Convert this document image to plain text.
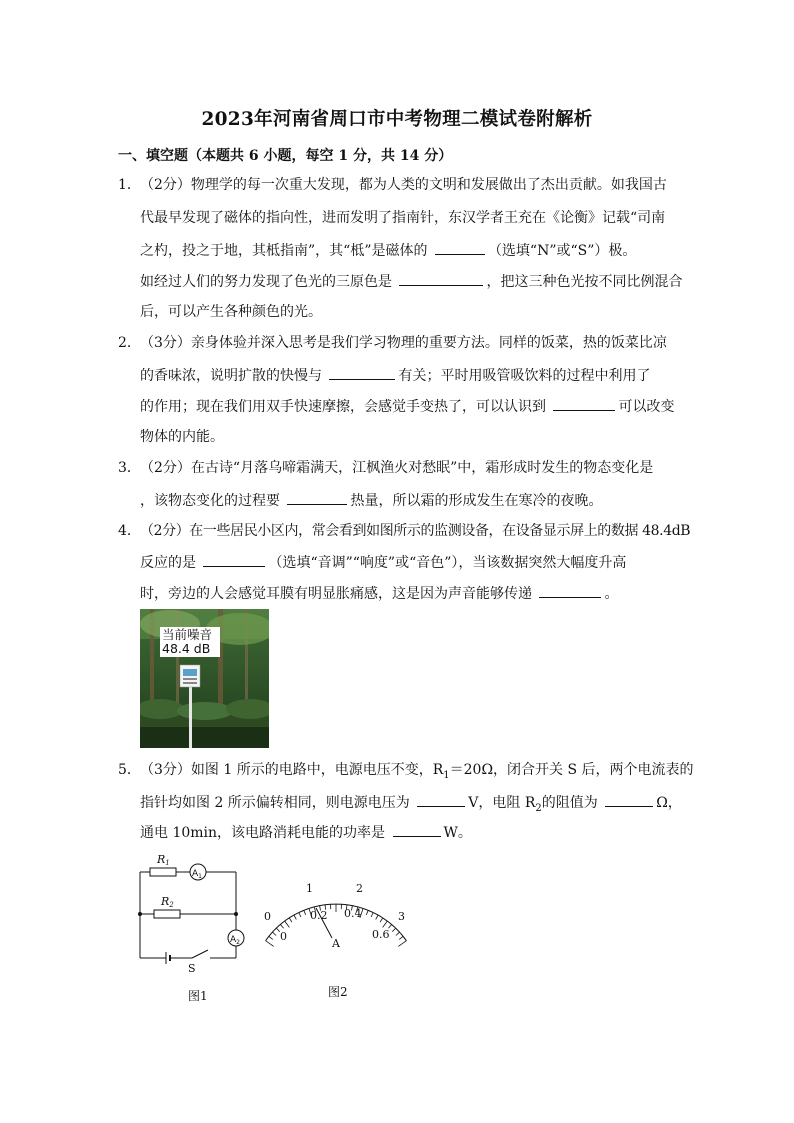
2023年河南省周口市中考物理二模试卷附解析
一、填空题（本题共 6 小题，每空 1 分，共 14 分）
1． （2分）物理学的每一次重大发现，都为人类的文明和发展做出了杰出贡献。如我国古
代最早发现了磁体的指向性，进而发明了指南针，东汉学者王充在《论衡》记载“司南
之杓，投之于地，其柢指南”，其“柢”是磁体的	（选填“N”或“S”）极。
如经过人们的努力发现了色光的三原色是	，把这三种色光按不同比例混合
后，可以产生各种颜色的光。
2． （3分）亲身体验并深入思考是我们学习物理的重要方法。同样的饭菜，热的饭菜比凉
的香味浓，说明扩散的快慢与	有关；平时用吸管吸饮料的过程中利用了
的作用；现在我们用双手快速摩擦，会感觉手变热了，可以认识到	可以改变
物体的内能。
3． （2分）在古诗“月落乌啼霜满天，江枫渔火对愁眠”中，霜形成时发生的物态变化是
，该物态变化的过程要	热量，所以霜的形成发生在寒冷的夜晚。
4． （2分）在一些居民小区内，常会看到如图所示的监测设备，在设备显示屏上的数据 48.4dB
反应的是	（选填“音调”“响度”或“音色”），当该数据突然大幅度升高
时，旁边的人会感觉耳膜有明显胀痛感，这是因为声音能够传递	。
当前噪音
48.4 dB
5． （3分）如图 1 所示的电路中，电源电压不变，$R_1=20\Omega$，闭合开关 S 后，两个电流表的
指针均如图 2 所示偏转相同，则电源电压为	V，电阻 $R_2$的阻值为	Ω，
通电 10min，该电路消耗电能的功率是	W。
R1
R2
$A_1$
$A_2$
S
图1
0
1	2
3
0
0.2 0.4
0.6
A
图2
